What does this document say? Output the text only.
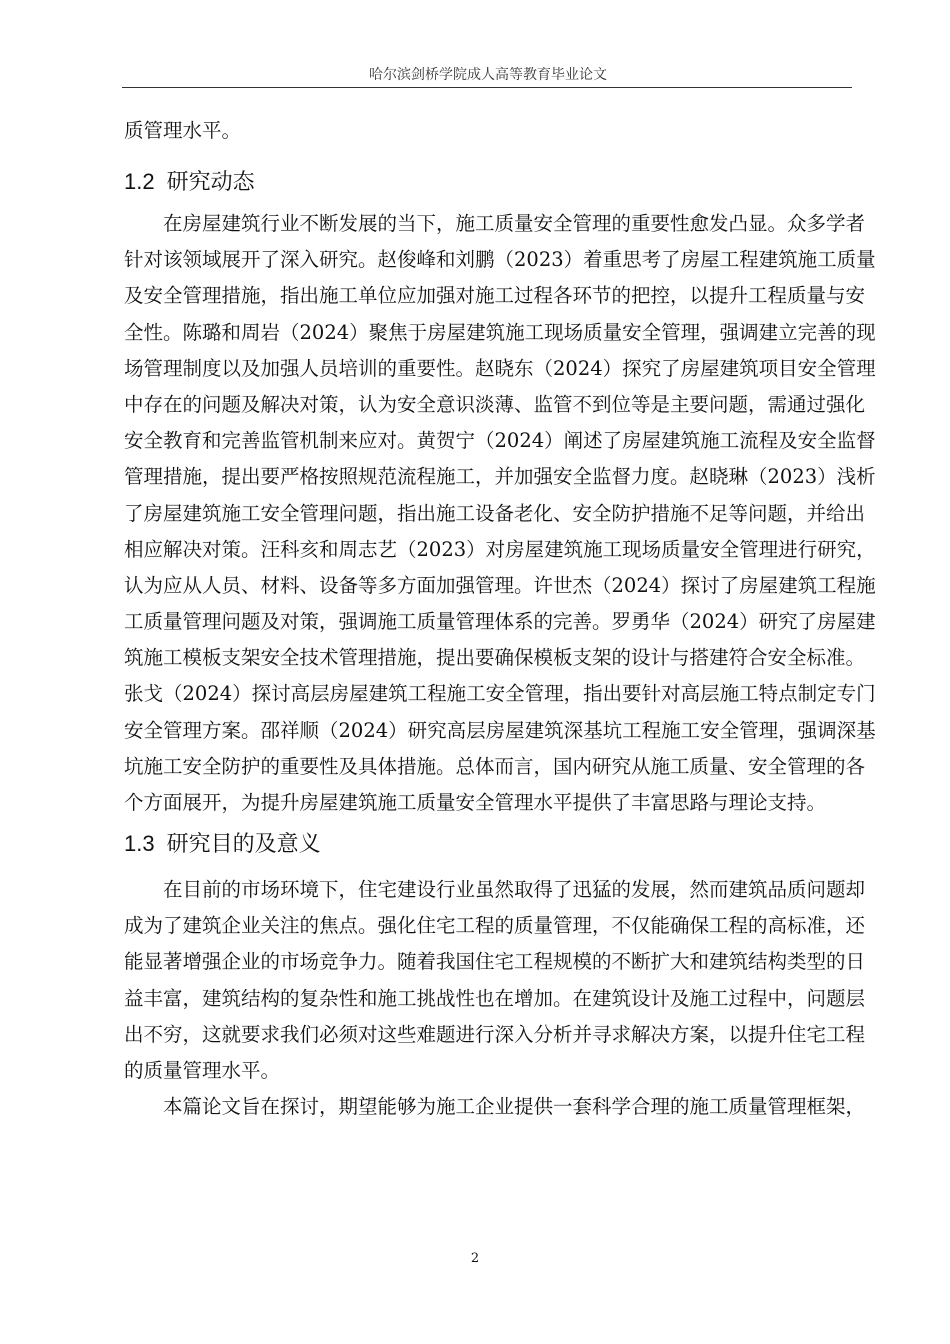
哈尔滨剑桥学院成人高等教育毕业论文
质管理水平。
1.2 研究动态
在房屋建筑行业不断发展的当下，施工质量安全管理的重要性愈发凸显。众多学者
针对该领域展开了深入研究。赵俊峰和刘鹏（2023）着重思考了房屋工程建筑施工质量
及安全管理措施，指出施工单位应加强对施工过程各环节的把控，以提升工程质量与安
全性。陈璐和周岩（2024）聚焦于房屋建筑施工现场质量安全管理，强调建立完善的现
场管理制度以及加强人员培训的重要性。赵晓东（2024）探究了房屋建筑项目安全管理
中存在的问题及解决对策，认为安全意识淡薄、监管不到位等是主要问题，需通过强化
安全教育和完善监管机制来应对。黄贺宁（2024）阐述了房屋建筑施工流程及安全监督
管理措施，提出要严格按照规范流程施工，并加强安全监督力度。赵晓琳（2023）浅析
了房屋建筑施工安全管理问题，指出施工设备老化、安全防护措施不足等问题，并给出
相应解决对策。汪科亥和周志艺（2023）对房屋建筑施工现场质量安全管理进行研究，
认为应从人员、材料、设备等多方面加强管理。许世杰（2024）探讨了房屋建筑工程施
工质量管理问题及对策，强调施工质量管理体系的完善。罗勇华（2024）研究了房屋建
筑施工模板支架安全技术管理措施，提出要确保模板支架的设计与搭建符合安全标准。
张戈（2024）探讨高层房屋建筑工程施工安全管理，指出要针对高层施工特点制定专门
安全管理方案。邵祥顺（2024）研究高层房屋建筑深基坑工程施工安全管理，强调深基
坑施工安全防护的重要性及具体措施。总体而言，国内研究从施工质量、安全管理的各
个方面展开，为提升房屋建筑施工质量安全管理水平提供了丰富思路与理论支持。
1.3 研究目的及意义
在目前的市场环境下，住宅建设行业虽然取得了迅猛的发展，然而建筑品质问题却
成为了建筑企业关注的焦点。强化住宅工程的质量管理，不仅能确保工程的高标准，还
能显著增强企业的市场竞争力。随着我国住宅工程规模的不断扩大和建筑结构类型的日
益丰富，建筑结构的复杂性和施工挑战性也在增加。在建筑设计及施工过程中，问题层
出不穷，这就要求我们必须对这些难题进行深入分析并寻求解决方案，以提升住宅工程
的质量管理水平。
本篇论文旨在探讨，期望能够为施工企业提供一套科学合理的施工质量管理框架，
2
